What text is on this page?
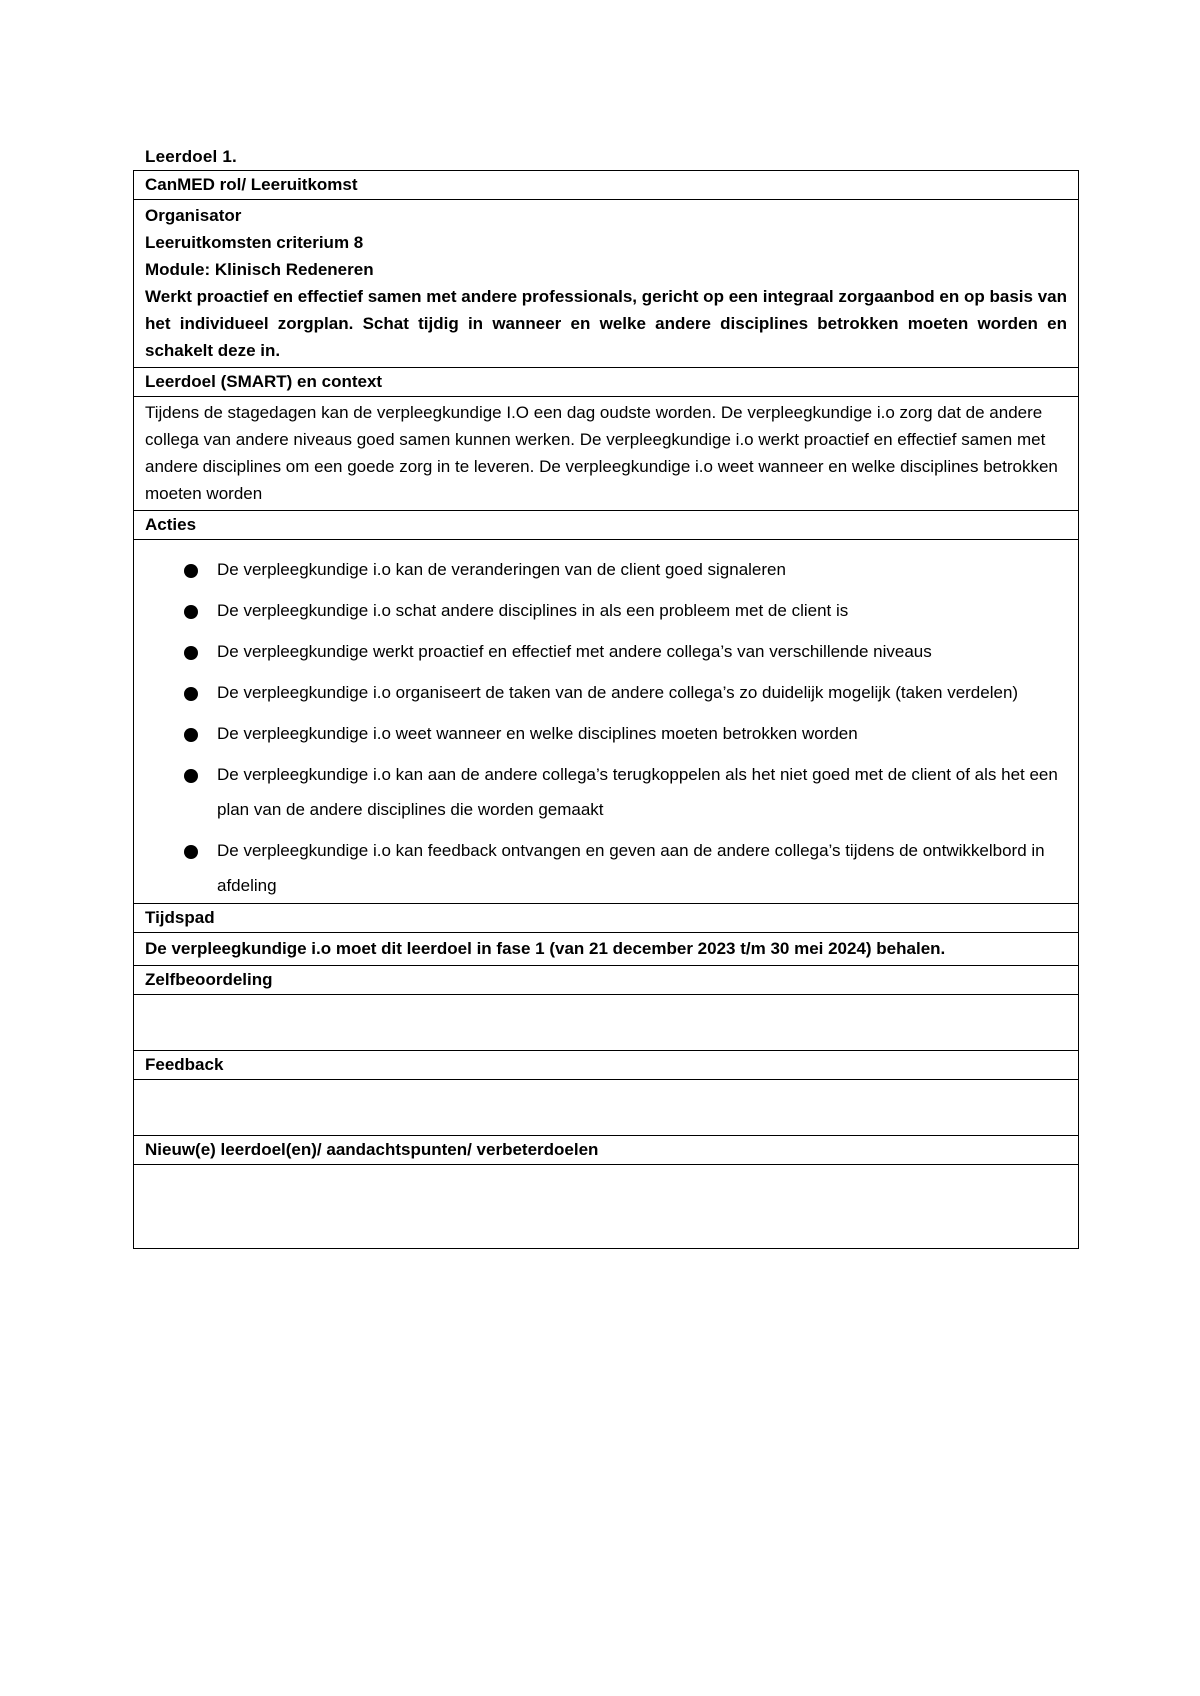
Leerdoel 1.
CanMED rol/ Leeruitkomst

Organisator
Leeruitkomsten criterium 8
Module: Klinisch Redeneren
Werkt proactief en effectief samen met andere professionals, gericht op een integraal zorgaanbod en op basis van het individueel zorgplan. Schat tijdig in wanneer en welke andere disciplines betrokken moeten worden en schakelt deze in.

Leerdoel (SMART) en context
Tijdens de stagedagen kan de verpleegkundige I.O een dag oudste worden. De verpleegkundige i.o zorg dat de andere collega van andere niveaus goed samen kunnen werken. De verpleegkundige i.o werkt proactief en effectief samen met andere disciplines om een goede zorg in te leveren. De verpleegkundige i.o weet wanneer en welke disciplines betrokken moeten worden
Acties

De verpleegkundige i.o kan de veranderingen van de client goed signaleren
De verpleegkundige i.o schat andere disciplines in als een probleem met de client is
De verpleegkundige werkt proactief en effectief met andere collega’s van verschillende niveaus
De verpleegkundige i.o organiseert de taken van de andere collega’s zo duidelijk mogelijk (taken verdelen)
De verpleegkundige i.o weet wanneer en welke disciplines moeten betrokken worden
De verpleegkundige i.o kan aan de andere collega’s terugkoppelen als het niet goed met de client of als het een plan van de andere disciplines die worden gemaakt
De verpleegkundige i.o kan feedback ontvangen en geven aan de andere collega’s tijdens de ontwikkelbord in afdeling

Tijdspad
De verpleegkundige i.o moet dit leerdoel in fase 1 (van 21 december 2023 t/m 30 mei 2024) behalen.
Zelfbeoordeling

Feedback

Nieuw(e) leerdoel(en)/ aandachtspunten/ verbeterdoelen
